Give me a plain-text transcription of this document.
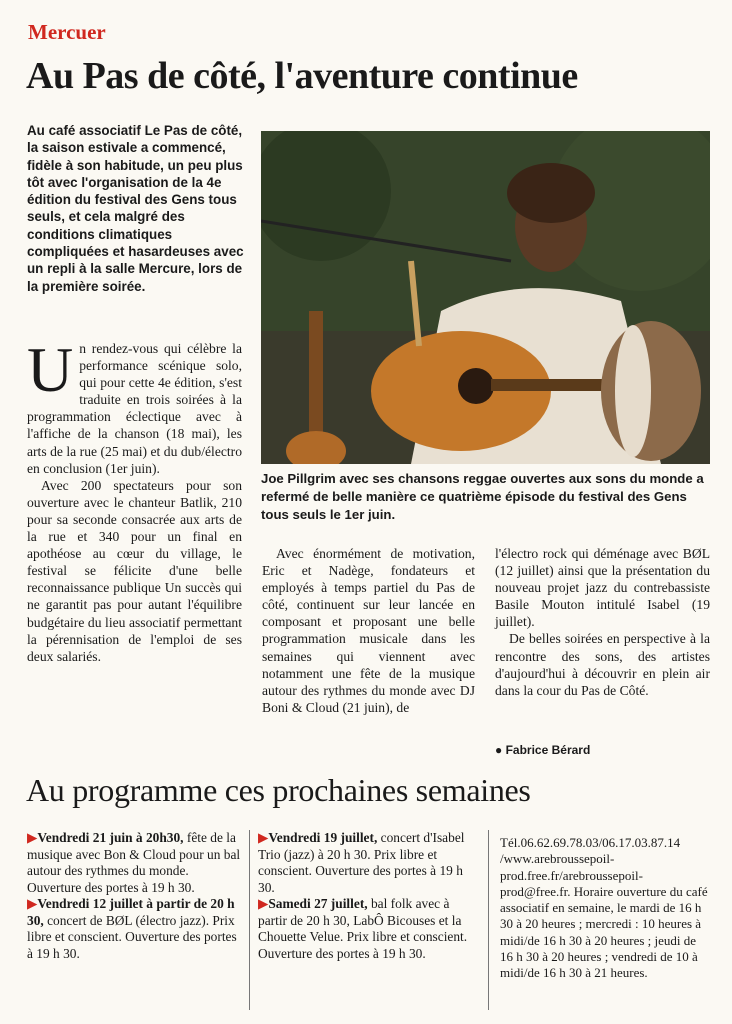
Mercuer
Au Pas de côté, l'aventure continue
Au café associatif Le Pas de côté, la saison estivale a commencé, fidèle à son habitude, un peu plus tôt avec l'organisation de la 4e édition du festival des Gens tous seuls, et cela malgré des conditions climatiques compliquées et hasardeuses avec un repli à la salle Mercure, lors de la première soirée.
Joe Pillgrim avec ses chansons reggae ouvertes aux sons du monde a refermé de belle manière ce quatrième épisode du festival des Gens tous seuls le 1er juin.

Un rendez-vous qui célèbre la performance scénique solo, qui pour cette 4e édition, s'est traduite en trois soirées à la programmation éclectique avec à l'affiche de la chanson (18 mai), les arts de la rue (25 mai) et du dub/électro en conclusion (1er juin).

Avec 200 spectateurs pour son ouverture avec le chanteur Batlik, 210 pour sa seconde consacrée aux arts de la rue et 340 pour un final en apothéose au cœur du village, le festival se félicite d'une belle reconnaissance publique Un succès qui ne garantit pas pour autant l'équilibre budgétaire du lieu associatif permettant la pérennisation de l'emploi de ses deux salariés.

Avec énormément de motivation, Eric et Nadège, fondateurs et employés à temps partiel du Pas de côté, continuent sur leur lancée en composant et proposant une belle programmation musicale dans les semaines qui viennent avec notamment une fête de la musique autour des rythmes du monde avec DJ Boni & Cloud (21 juin), de

l'électro rock qui déménage avec BØL (12 juillet) ainsi que la présentation du nouveau projet jazz du contrebassiste Basile Mouton intitulé Isabel (19 juillet).

De belles soirées en perspective à la rencontre des sons, des artistes d'aujourd'hui à découvrir en plein air dans la cour du Pas de Côté.

● Fabrice Bérard
Au programme ces prochaines semaines

▶Vendredi 21 juin à 20h30, fête de la musique avec Bon & Cloud pour un bal autour des rythmes du monde. Ouverture des portes à 19 h 30.

▶Vendredi 12 juillet à partir de 20 h 30, concert de BØL (électro jazz). Prix libre et conscient. Ouverture des portes à 19 h 30.

▶Vendredi 19 juillet, concert d'Isabel Trio (jazz) à 20 h 30. Prix libre et conscient. Ouverture des portes à 19 h 30.

▶Samedi 27 juillet, bal folk avec à partir de 20 h 30, LabÔ Bicouses et la Chouette Velue. Prix libre et conscient. Ouverture des portes à 19 h 30.

Tél.06.62.69.78.03/06.17.03.87.14 /www.arebroussepoil-prod.free.fr/arebroussepoil-prod@free.fr. Horaire ouverture du café associatif en semaine, le mardi de 16 h 30 à 20 heures ; mercredi : 10 heures à midi/de 16 h 30 à 20 heures ; jeudi de 16 h 30 à 20 heures ; vendredi de 10 à midi/de 16 h 30 à 21 heures.
